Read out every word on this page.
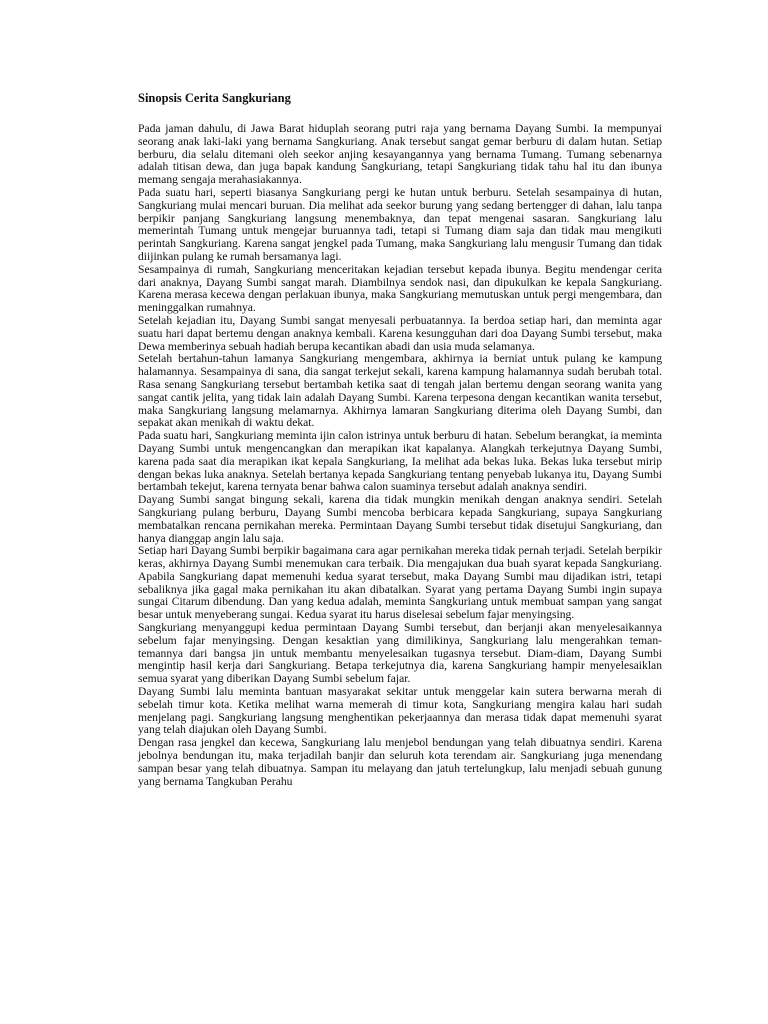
Sinopsis Cerita Sangkuriang

Pada jaman dahulu, di Jawa Barat hiduplah seorang putri raja yang bernama Dayang Sumbi. Ia mempunyai seorang anak laki-laki yang bernama Sangkuriang. Anak tersebut sangat gemar berburu di dalam hutan. Setiap berburu, dia selalu ditemani oleh seekor anjing kesayangannya yang bernama Tumang. Tumang sebenarnya adalah titisan dewa, dan juga bapak kandung Sangkuriang, tetapi Sangkuriang tidak tahu hal itu dan ibunya memang sengaja merahasiakannya.

Pada suatu hari, seperti biasanya Sangkuriang pergi ke hutan untuk berburu. Setelah sesampainya di hutan, Sangkuriang mulai mencari buruan. Dia melihat ada seekor burung yang sedang bertengger di dahan, lalu tanpa berpikir panjang Sangkuriang langsung menembaknya, dan tepat mengenai sasaran. Sangkuriang lalu memerintah Tumang untuk mengejar buruannya tadi, tetapi si Tumang diam saja dan tidak mau mengikuti perintah Sangkuriang. Karena sangat jengkel pada Tumang, maka Sangkuriang lalu mengusir Tumang dan tidak diijinkan pulang ke rumah bersamanya lagi.

Sesampainya di rumah, Sangkuriang menceritakan kejadian tersebut kepada ibunya. Begitu mendengar cerita dari anaknya, Dayang Sumbi sangat marah. Diambilnya sendok nasi, dan dipukulkan ke kepala Sangkuriang. Karena merasa kecewa dengan perlakuan ibunya, maka Sangkuriang memutuskan untuk pergi mengembara, dan meninggalkan rumahnya.

Setelah kejadian itu, Dayang Sumbi sangat menyesali perbuatannya. Ia berdoa setiap hari, dan meminta agar suatu hari dapat bertemu dengan anaknya kembali. Karena kesungguhan dari doa Dayang Sumbi tersebut, maka Dewa memberinya sebuah hadiah berupa kecantikan abadi dan usia muda selamanya.

Setelah bertahun-tahun lamanya Sangkuriang mengembara, akhirnya ia berniat untuk pulang ke kampung halamannya. Sesampainya di sana, dia sangat terkejut sekali, karena kampung halamannya sudah berubah total. Rasa senang Sangkuriang tersebut bertambah ketika saat di tengah jalan bertemu dengan seorang wanita yang sangat cantik jelita, yang tidak lain adalah Dayang Sumbi. Karena terpesona dengan kecantikan wanita tersebut, maka Sangkuriang langsung melamarnya. Akhirnya lamaran Sangkuriang diterima oleh Dayang Sumbi, dan sepakat akan menikah di waktu dekat.

Pada suatu hari, Sangkuriang meminta ijin calon istrinya untuk berburu di hatan. Sebelum berangkat, ia meminta Dayang Sumbi untuk mengencangkan dan merapikan ikat kapalanya. Alangkah terkejutnya Dayang Sumbi, karena pada saat dia merapikan ikat kepala Sangkuriang, Ia melihat ada bekas luka. Bekas luka tersebut mirip dengan bekas luka anaknya. Setelah bertanya kepada Sangkuriang tentang penyebab lukanya itu, Dayang Sumbi bertambah tekejut, karena ternyata benar bahwa calon suaminya tersebut adalah anaknya sendiri.

Dayang Sumbi sangat bingung sekali, karena dia tidak mungkin menikah dengan anaknya sendiri. Setelah Sangkuriang pulang berburu, Dayang Sumbi mencoba berbicara kepada Sangkuriang, supaya Sangkuriang membatalkan rencana pernikahan mereka. Permintaan Dayang Sumbi tersebut tidak disetujui Sangkuriang, dan hanya dianggap angin lalu saja.

Setiap hari Dayang Sumbi berpikir bagaimana cara agar pernikahan mereka tidak pernah terjadi. Setelah berpikir keras, akhirnya Dayang Sumbi menemukan cara terbaik. Dia mengajukan dua buah syarat kepada Sangkuriang. Apabila Sangkuriang dapat memenuhi kedua syarat tersebut, maka Dayang Sumbi mau dijadikan istri, tetapi sebaliknya jika gagal maka pernikahan itu akan dibatalkan. Syarat yang pertama Dayang Sumbi ingin supaya sungai Citarum dibendung. Dan yang kedua adalah, meminta Sangkuriang untuk membuat sampan yang sangat besar untuk menyeberang sungai. Kedua syarat itu harus diselesai sebelum fajar menyingsing.

Sangkuriang menyanggupi kedua permintaan Dayang Sumbi tersebut, dan berjanji akan menyelesaikannya sebelum fajar menyingsing. Dengan kesaktian yang dimilikinya, Sangkuriang lalu mengerahkan teman-temannya dari bangsa jin untuk membantu menyelesaikan tugasnya tersebut. Diam-diam, Dayang Sumbi mengintip hasil kerja dari Sangkuriang. Betapa terkejutnya dia, karena Sangkuriang hampir menyelesaiklan semua syarat yang diberikan Dayang Sumbi sebelum fajar.

Dayang Sumbi lalu meminta bantuan masyarakat sekitar untuk menggelar kain sutera berwarna merah di sebelah timur kota. Ketika melihat warna memerah di timur kota, Sangkuriang mengira kalau hari sudah menjelang pagi. Sangkuriang langsung menghentikan pekerjaannya dan merasa tidak dapat memenuhi syarat yang telah diajukan oleh Dayang Sumbi.

Dengan rasa jengkel dan kecewa, Sangkuriang lalu menjebol bendungan yang telah dibuatnya sendiri. Karena jebolnya bendungan itu, maka terjadilah banjir dan seluruh kota terendam air. Sangkuriang juga menendang sampan besar yang telah dibuatnya. Sampan itu melayang dan jatuh tertelungkup, lalu menjadi sebuah gunung yang bernama Tangkuban Perahu
